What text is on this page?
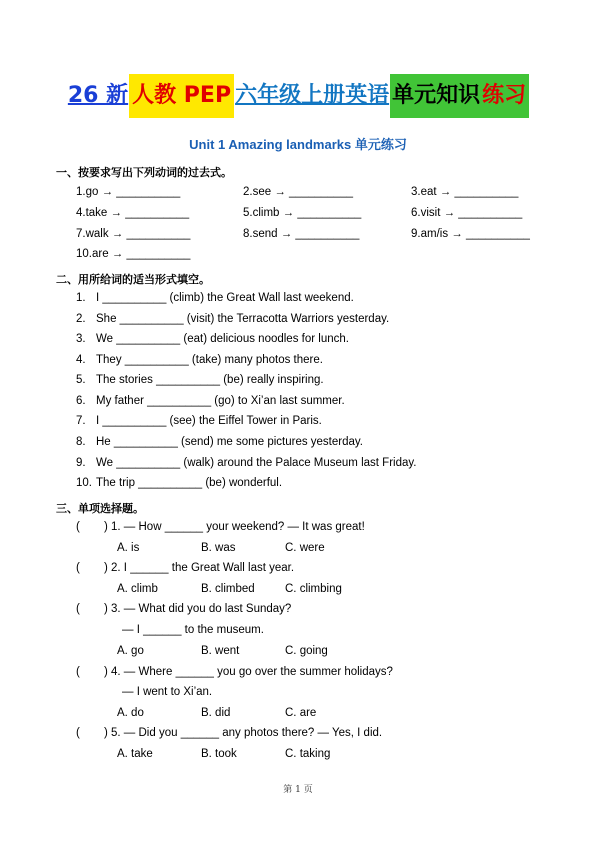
26 新 人教 PEP 六年级上册英语 单元知识练习
Unit 1 Amazing landmarks 单元练习
一、按要求写出下列动词的过去式。
1.go → __________	2.see → __________	3.eat → __________
4.take → __________	5.climb → __________	6.visit → __________
7.walk → __________	8.send → __________	9.am/is → __________
10.are → __________
二、用所给词的适当形式填空。
1. I __________ (climb) the Great Wall last weekend.
2. She __________ (visit) the Terracotta Warriors yesterday.
3. We __________ (eat) delicious noodles for lunch.
4. They __________ (take) many photos there.
5. The stories __________ (be) really inspiring.
6. My father __________ (go) to Xi’an last summer.
7. I __________ (see) the Eiffel Tower in Paris.
8. He __________ (send) me some pictures yesterday.
9. We __________ (walk) around the Palace Museum last Friday.
10. The trip __________ (be) wonderful.
三、单项选择题。
( ) 1. — How ______ your weekend? — It was great!
A. is	B. was	C. were
( ) 2. I ______ the Great Wall last year.
A. climb	B. climbed	C. climbing
( ) 3. — What did you do last Sunday?
— I ______ to the museum.
A. go	B. went	C. going
( ) 4. — Where ______ you go over the summer holidays?
— I went to Xi’an.
A. do	B. did	C. are
( ) 5. — Did you ______ any photos there? — Yes, I did.
A. take	B. took	C. taking
第 1 页
